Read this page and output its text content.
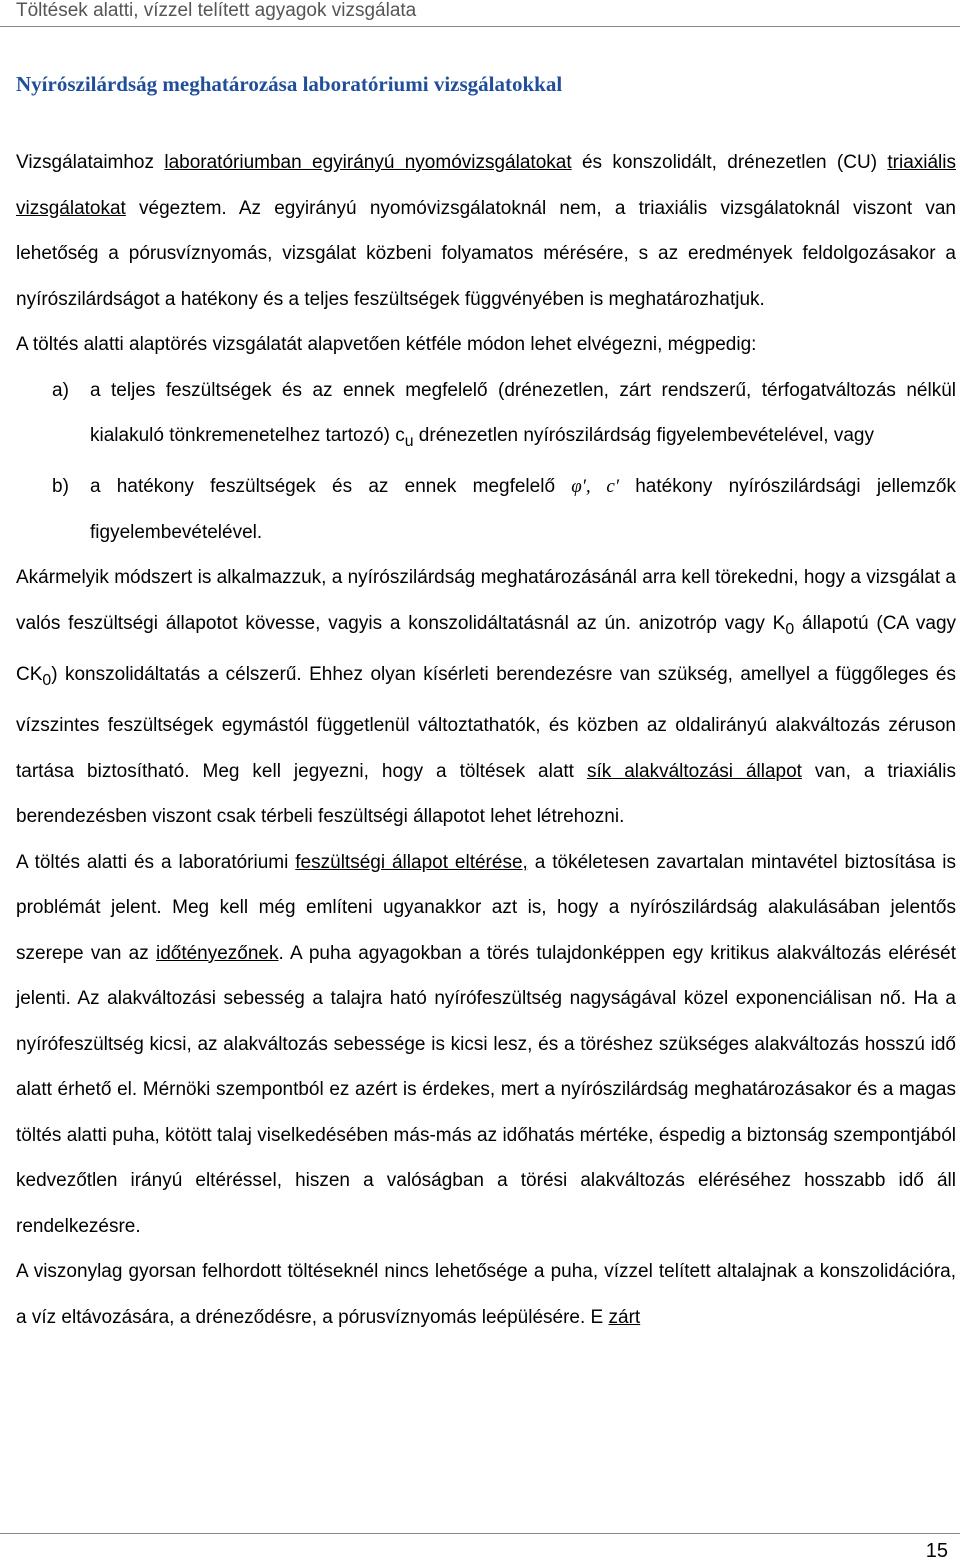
Töltések alatti, vízzel telített agyagok vizsgálata
Nyírószilárdság meghatározása laboratóriumi vizsgálatokkal

Vizsgálataimhoz laboratóriumban egyirányú nyomóvizsgálatokat és konszolidált, drénezetlen (CU) triaxiális vizsgálatokat végeztem. Az egyirányú nyomóvizsgálatoknál nem, a triaxiális vizsgálatoknál viszont van lehetőség a pórusvíznyomás, vizsgálat közbeni folyamatos mérésére, s az eredmények feldolgozásakor a nyírószilárdságot a hatékony és a teljes feszültségek függvényében is meghatározhatjuk.

A töltés alatti alaptörés vizsgálatát alapvetően kétféle módon lehet elvégezni, mégpedig:

a)	a teljes feszültségek és az ennek megfelelő (drénezetlen, zárt rendszerű, térfogatváltozás nélkül kialakuló tönkremenetelhez tartozó) $c_u$ drénezetlen nyírószilárdság figyelembevételével, vagy
b)	a hatékony feszültségek és az ennek megfelelő φ′, c′ hatékony nyírószilárdsági jellemzők figyelembevételével.

Akármelyik módszert is alkalmazzuk, a nyírószilárdság meghatározásánál arra kell törekedni, hogy a vizsgálat a valós feszültségi állapotot kövesse, vagyis a konszolidáltatásnál az ún. anizotróp vagy $K_0$ állapotú (CA vagy $CK_0$) konszolidáltatás a célszerű. Ehhez olyan kísérleti berendezésre van szükség, amellyel a függőleges és vízszintes feszültségek egymástól függetlenül változtathatók, és közben az oldalirányú alakváltozás zéruson tartása biztosítható. Meg kell jegyezni, hogy a töltések alatt sík alakváltozási állapot van, a triaxiális berendezésben viszont csak térbeli feszültségi állapotot lehet létrehozni.

A töltés alatti és a laboratóriumi feszültségi állapot eltérése, a tökéletesen zavartalan mintavétel biztosítása is problémát jelent. Meg kell még említeni ugyanakkor azt is, hogy a nyírószilárdság alakulásában jelentős szerepe van az időtényezőnek. A puha agyagokban a törés tulajdonképpen egy kritikus alakváltozás elérését jelenti. Az alakváltozási sebesség a talajra ható nyírófeszültség nagyságával közel exponenciálisan nő. Ha a nyírófeszültség kicsi, az alakváltozás sebessége is kicsi lesz, és a töréshez szükséges alakváltozás hosszú idő alatt érhető el. Mérnöki szempontból ez azért is érdekes, mert a nyírószilárdság meghatározásakor és a magas töltés alatti puha, kötött talaj viselkedésében más-más az időhatás mértéke, éspedig a biztonság szempontjából kedvezőtlen irányú eltéréssel, hiszen a valóságban a törési alakváltozás eléréséhez hosszabb idő áll rendelkezésre.

A viszonylag gyorsan felhordott töltéseknél nincs lehetősége a puha, vízzel telített altalajnak a konszolidációra, a víz eltávozására, a dréneződésre, a pórusvíznyomás leépülésére. E zárt

15
